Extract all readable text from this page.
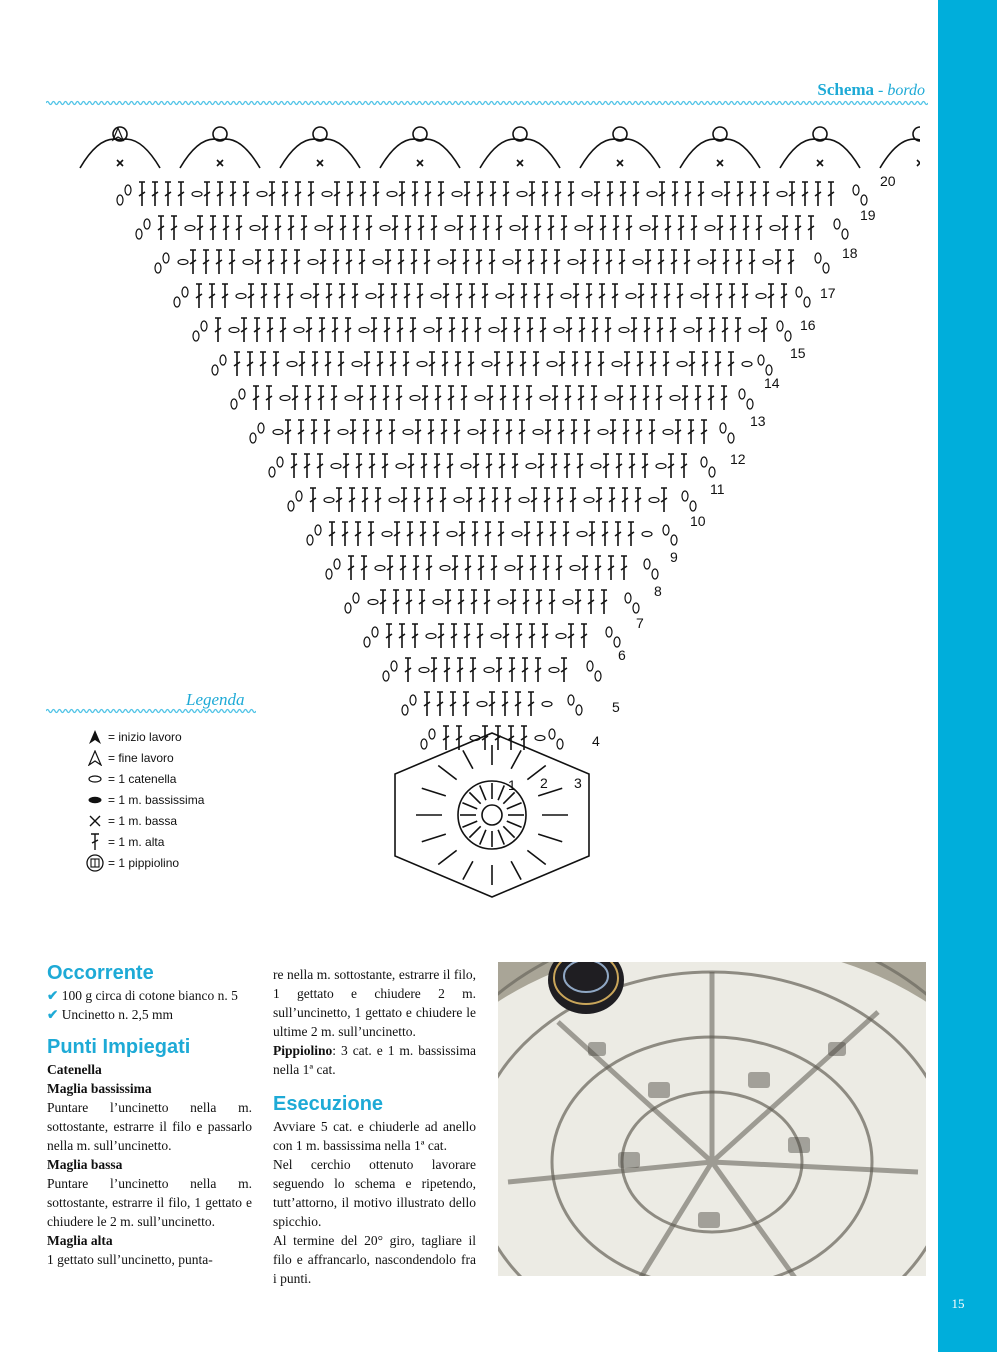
15
Schema - bordo
1 2 3
4
5
6
7
8
9
10
11
12
13
14
15
16
17
18
19
20
Legenda
= inizio lavoro
= fine lavoro
= 1 catenella
= 1 m. bassissima
= 1 m. bassa
= 1 m. alta
= 1 pippiolino
Occorrente

✔ 100 g circa di cotone bianco n. 5

✔ Uncinetto n. 2,5 mm

Punti Impiegati

Catenella

Maglia bassissima

Puntare l’uncinetto nella m. sottostante, estrarre il filo e passarlo nella m. sull’uncinetto.

Maglia bassa

Puntare l’uncinetto nella m. sottostante, estrarre il filo, 1 gettato e chiudere le 2 m. sull’uncinetto.

Maglia alta

1 gettato sull’uncinetto, punta-

re nella m. sottostante, estrarre il filo, 1 gettato e chiudere 2 m. sull’uncinetto, 1 gettato e chiudere le ultime 2 m. sull’uncinetto.

Pippiolino: 3 cat. e 1 m. bassissima nella 1ª cat.

Esecuzione

Avviare 5 cat. e chiuderle ad anello con 1 m. bassissima nella 1ª cat.

Nel cerchio ottenuto lavorare seguendo lo schema e ripetendo, tutt’attorno, il motivo illustrato dello spicchio.

Al termine del 20° giro, tagliare il filo e affrancarlo, nascondendolo fra i punti.
